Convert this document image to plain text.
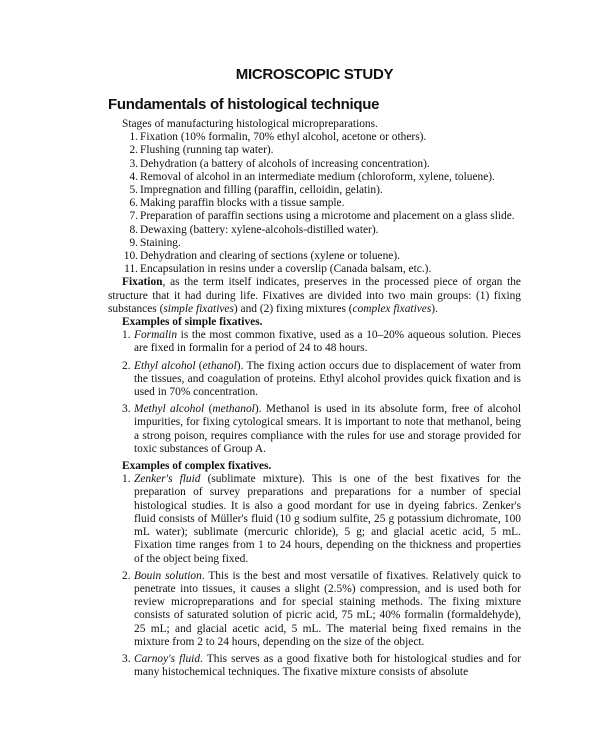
MICROSCOPIC STUDY
Fundamentals of histological technique

Stages of manufacturing histological micropreparations.

1. Fixation (10% formalin, 70% ethyl alcohol, acetone or others).
2. Flushing (running tap water).
3. Dehydration (a battery of alcohols of increasing concentration).
4. Removal of alcohol in an intermediate medium (chloroform, xylene, toluene).
5. Impregnation and filling (paraffin, celloidin, gelatin).
6. Making paraffin blocks with a tissue sample.
7. Preparation of paraffin sections using a microtome and placement on a glass slide.
8. Dewaxing (battery: xylene-alcohols-distilled water).
9. Staining.
10. Dehydration and clearing of sections (xylene or toluene).
11. Encapsulation in resins under a coverslip (Canada balsam, etc.).

Fixation, as the term itself indicates, preserves in the processed piece of organ the structure that it had during life. Fixatives are divided into two main groups: (1) fixing substances (simple fixatives) and (2) fixing mixtures (complex fixatives).

Examples of simple fixatives.

1. Formalin is the most common fixative, used as a 10–20% aqueous solution. Pieces are fixed in formalin for a period of 24 to 48 hours.
2. Ethyl alcohol (ethanol). The fixing action occurs due to displacement of water from the tissues, and coagulation of proteins. Ethyl alcohol provides quick fixation and is used in 70% concentration.
3. Methyl alcohol (methanol). Methanol is used in its absolute form, free of alcohol impurities, for fixing cytological smears. It is important to note that methanol, being a strong poison, requires compliance with the rules for use and storage provided for toxic substances of Group A.

Examples of complex fixatives.

1. Zenker's fluid (sublimate mixture). This is one of the best fixatives for the preparation of survey preparations and preparations for a number of special histological studies. It is also a good mordant for use in dyeing fabrics. Zenker's fluid consists of Müller's fluid (10 g sodium sulfite, 25 g potassium dichromate, 100 mL water); sublimate (mercuric chloride), 5 g; and glacial acetic acid, 5 mL. Fixation time ranges from 1 to 24 hours, depending on the thickness and properties of the object being fixed.
2. Bouin solution. This is the best and most versatile of fixatives. Relatively quick to penetrate into tissues, it causes a slight (2.5%) compression, and is used both for review micropreparations and for special staining methods. The fixing mixture consists of saturated solution of picric acid, 75 mL; 40% formalin (formaldehyde), 25 mL; and glacial acetic acid, 5 mL. The material being fixed remains in the mixture from 2 to 24 hours, depending on the size of the object.
3. Carnoy's fluid. This serves as a good fixative both for histological studies and for many histochemical techniques. The fixative mixture consists of absolute
